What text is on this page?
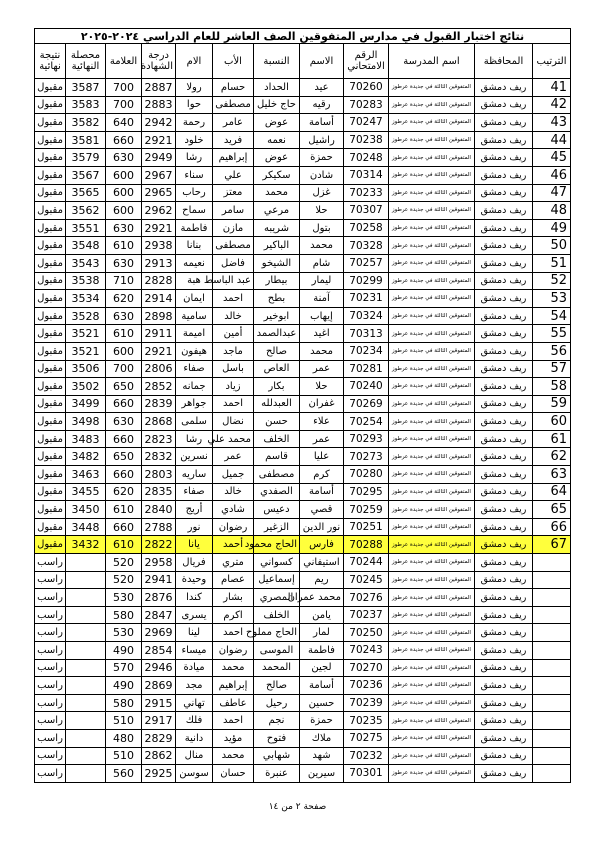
نتائج اختبار القبول في مدارس المتفوقين الصف العاشر للعام الدراسي ٢٠٢٤-٢٠٢٥											
الترتيب	المحافظة	اسم المدرسة	الرقم الامتحاني	الاسم	النسبة	الأب	الام	درجة الشهادة	العلامة	محصلة النهائية	نتيجة نهائية
41	ريف دمشق	المتفوقين الثالثة في جديدة عرطوز	70260	عيد	الحداد	حسام	رولا	2887	700	3587	مقبول
42	ريف دمشق	المتفوقين الثالثة في جديدة عرطوز	70283	رقيه	حاج خليل	مصطفى	حوا	2883	700	3583	مقبول
43	ريف دمشق	المتفوقين الثالثة في جديدة عرطوز	70247	أسامة	عوض	عامر	رحمة	2942	640	3582	مقبول
44	ريف دمشق	المتفوقين الثالثة في جديدة عرطوز	70238	راشيل	نعمه	فريد	خلود	2921	660	3581	مقبول
45	ريف دمشق	المتفوقين الثالثة في جديدة عرطوز	70248	حمزة	عوض	إبراهيم	رشا	2949	630	3579	مقبول
46	ريف دمشق	المتفوقين الثالثة في جديدة عرطوز	70314	شادن	سكيكر	علي	سناء	2967	600	3567	مقبول
47	ريف دمشق	المتفوقين الثالثة في جديدة عرطوز	70233	غزل	محمد	معتز	رحاب	2965	600	3565	مقبول
48	ريف دمشق	المتفوقين الثالثة في جديدة عرطوز	70307	حلا	مرعي	سامر	سماح	2962	600	3562	مقبول
49	ريف دمشق	المتفوقين الثالثة في جديدة عرطوز	70258	بتول	شريبه	مازن	فاطمة	2921	630	3551	مقبول
50	ريف دمشق	المتفوقين الثالثة في جديدة عرطوز	70328	محمد	الباكير	مصطفى	بنانا	2938	610	3548	مقبول
51	ريف دمشق	المتفوقين الثالثة في جديدة عرطوز	70257	شام	الشيخو	فاضل	نعيمه	2913	630	3543	مقبول
52	ريف دمشق	المتفوقين الثالثة في جديدة عرطوز	70299	ليمار	بيطار	عبد الباسط	هبة	2828	710	3538	مقبول
53	ريف دمشق	المتفوقين الثالثة في جديدة عرطوز	70231	آمنة	بطح	احمد	ايمان	2914	620	3534	مقبول
54	ريف دمشق	المتفوقين الثالثة في جديدة عرطوز	70324	إيهاب	ابوخير	خالد	سامية	2898	630	3528	مقبول
55	ريف دمشق	المتفوقين الثالثة في جديدة عرطوز	70313	اغيد	عبدالصمد	أمين	اميمة	2911	610	3521	مقبول
56	ريف دمشق	المتفوقين الثالثة في جديدة عرطوز	70234	محمد	صالح	ماجد	هيفون	2921	600	3521	مقبول
57	ريف دمشق	المتفوقين الثالثة في جديدة عرطوز	70281	عمر	العاص	باسل	صفاء	2806	700	3506	مقبول
58	ريف دمشق	المتفوقين الثالثة في جديدة عرطوز	70240	حلا	بكار	زياد	جمانه	2852	650	3502	مقبول
59	ريف دمشق	المتفوقين الثالثة في جديدة عرطوز	70269	غفران	العبدلله	احمد	جواهر	2839	660	3499	مقبول
60	ريف دمشق	المتفوقين الثالثة في جديدة عرطوز	70254	علاء	حسن	نضال	سلمى	2868	630	3498	مقبول
61	ريف دمشق	المتفوقين الثالثة في جديدة عرطوز	70293	عمر	الخلف	محمد علي	رشا	2823	660	3483	مقبول
62	ريف دمشق	المتفوقين الثالثة في جديدة عرطوز	70273	عليا	قاسم	عمر	نسرين	2832	650	3482	مقبول
63	ريف دمشق	المتفوقين الثالثة في جديدة عرطوز	70280	كرم	مصطفى	جميل	ساريه	2803	660	3463	مقبول
64	ريف دمشق	المتفوقين الثالثة في جديدة عرطوز	70295	أسامة	الصفدي	خالد	صفاء	2835	620	3455	مقبول
65	ريف دمشق	المتفوقين الثالثة في جديدة عرطوز	70259	قصي	دعيس	شادي	أريج	2840	610	3450	مقبول
66	ريف دمشق	المتفوقين الثالثة في جديدة عرطوز	70251	نور الدين	الزغير	رضوان	نور	2788	660	3448	مقبول
67	ريف دمشق	المتفوقين الثالثة في جديدة عرطوز	70288	فارس	الحاج محمود	أحمد	يانا	2822	610	3432	مقبول
	ريف دمشق	المتفوقين الثالثة في جديدة عرطوز	70244	استيفاني	كسواني	متري	فريال	2958	520		راسب
	ريف دمشق	المتفوقين الثالثة في جديدة عرطوز	70245	ريم	إسماعيل	عصام	وحيدة	2941	520		راسب
	ريف دمشق	المتفوقين الثالثة في جديدة عرطوز	70276	محمد عمران	المصري	بشار	كندا	2876	530		راسب
	ريف دمشق	المتفوقين الثالثة في جديدة عرطوز	70237	يامن	الخلف	اكرم	يسرى	2847	580		راسب
	ريف دمشق	المتفوقين الثالثة في جديدة عرطوز	70250	لمار	الحاج مملوح	احمد	لينا	2969	530		راسب
	ريف دمشق	المتفوقين الثالثة في جديدة عرطوز	70243	فاطمة	الموسى	رضوان	ميساء	2854	490		راسب
	ريف دمشق	المتفوقين الثالثة في جديدة عرطوز	70270	لجين	المحمد	محمد	ميادة	2946	570		راسب
	ريف دمشق	المتفوقين الثالثة في جديدة عرطوز	70236	أسامة	صالح	إبراهيم	مجد	2869	490		راسب
	ريف دمشق	المتفوقين الثالثة في جديدة عرطوز	70239	حسين	رحيل	عاطف	تهاني	2915	580		راسب
	ريف دمشق	المتفوقين الثالثة في جديدة عرطوز	70235	حمزة	نجم	احمد	فلك	2917	510		راسب
	ريف دمشق	المتفوقين الثالثة في جديدة عرطوز	70275	ملاك	فتوح	مؤيد	دانية	2829	480		راسب
	ريف دمشق	المتفوقين الثالثة في جديدة عرطوز	70232	شهد	شهابي	محمد	منال	2862	510		راسب
	ريف دمشق	المتفوقين الثالثة في جديدة عرطوز	70301	سيرين	عنبرة	حسان	سوسن	2925	560		راسب
صفحة ٢ من ١٤
